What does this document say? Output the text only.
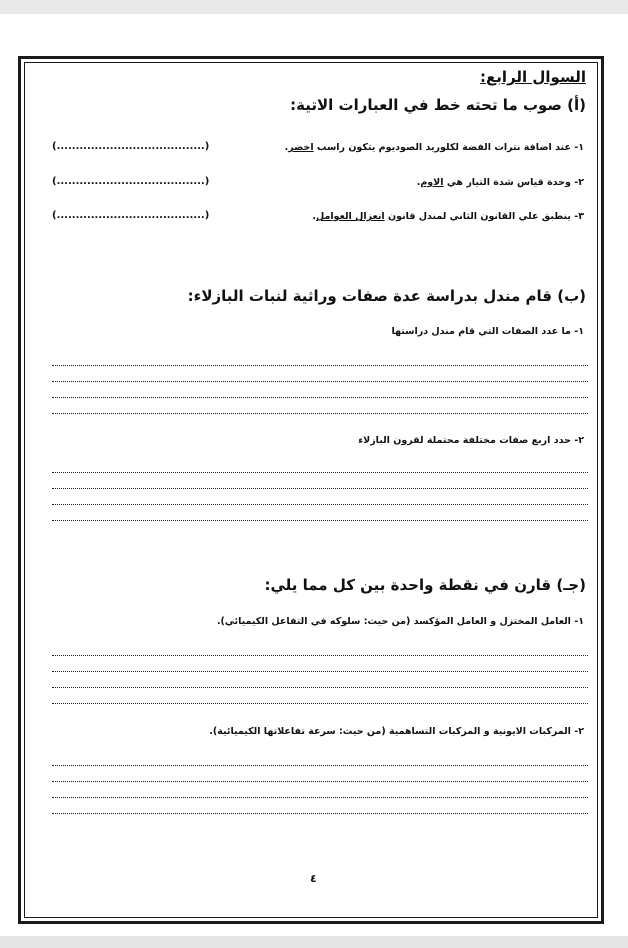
السوال الرابع:
(أ) صوب ما تحته خط في العبارات الاتية:
١- عند اضافة نترات الفضة لكلوريد الصوديوم يتكون راسب اخضر.
(.......................................)
٢- وحدة قياس شدة التيار هي الاوم.
(.......................................)
٣- ينطبق علي القانون الثاني لمندل قانون انعزال العوامل.
(.......................................)
(ب) قام مندل بدراسة عدة صفات وراثية لنبات البازلاء:
١- ما عدد الصفات التي قام مندل دراستها
٢- حدد اربع صفات مختلفة محتملة لقرون البازلاء
(جـ) قارن في نقطة واحدة بين كل مما يلي:
١- العامل المختزل و العامل المؤكسد (من حيث: سلوكه في التفاعل الكيميائي).
٢- المركبات الايونية و المركبات التساهمية (من حيث: سرعة تفاعلاتها الكيميائية).
٤
